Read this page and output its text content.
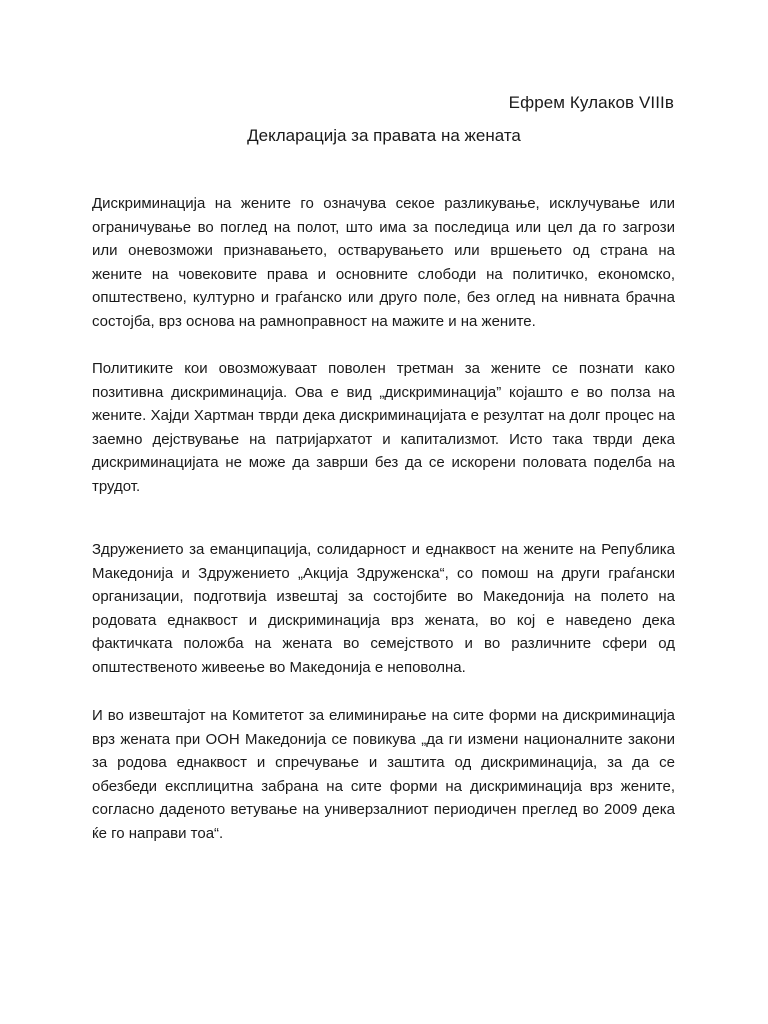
Ефрем Кулаков VIIIв
Декларација за правата на жената

Дискриминација на жените го означува секое разликување, исклучување или ограничување во поглед на полот, што има за последица или цел да го загрози или оневозможи признавањето, остварувањето или вршењето од страна на жените на човековите права и основните слободи на политичко, економско, општествено, културно и граѓанско или друго поле, без оглед на нивната брачна состојба, врз основа на рамноправност на мажите и на жените.

Политиките кои овозможуваат поволен третман за жените се познати како позитивна дискриминација. Ова е вид „дискриминација” којашто е во полза на жените. Хајди Хартман тврди дека дискриминацијата е резултат на долг процес на заемно дејствување на патријархатот и капитализмот. Исто така тврди дека дискриминацијата не може да заврши без да се искорени половата поделба на трудот.

Здружението за еманципација, солидарност и еднаквост на жените на Република Македонија и Здружението „Акција Здруженска“, со помош на други граѓански организации, подготвија извештај за состојбите во Македонија на полето на родовата еднаквост и дискриминација врз жената, во кој е наведено дека фактичката положба на жената во семејството и во различните сфери од општественото живеење во Македонија е неповолна.

И во извештајот на Комитетот за елиминирање на сите форми на дискриминација врз жената при ООН Македонија се повикува „да ги измени националните закони за родова еднаквост и спречување и заштита од дискриминација, за да се обезбеди експлицитна забрана на сите форми на дискриминација врз жените, согласно даденото ветување на универзалниот периодичен преглед во 2009 дека ќе го направи тоа“.
